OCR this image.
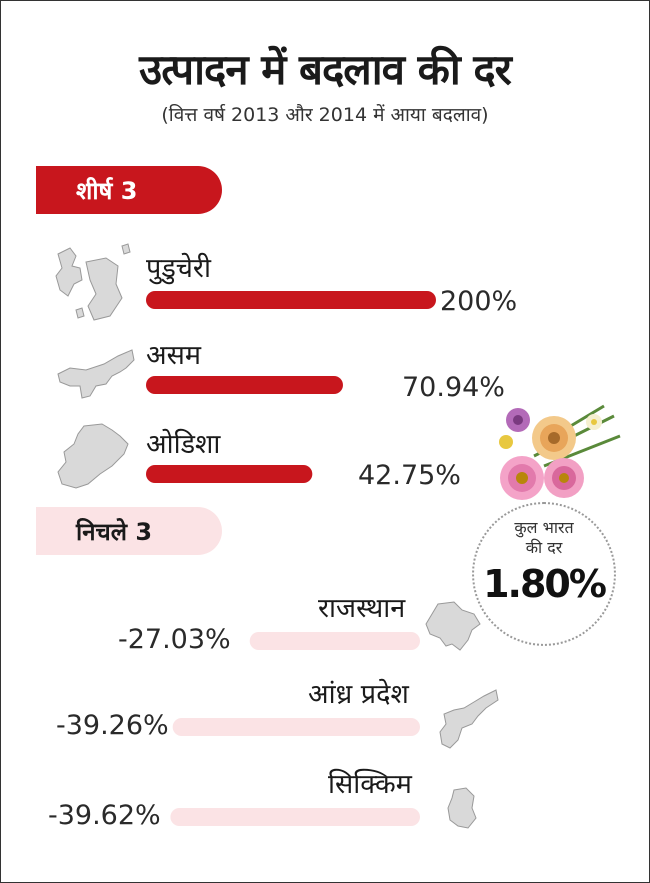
उत्पादन में बदलाव की दर
(वित्त वर्ष 2013 और 2014 में आया बदलाव)
शीर्ष 3
निचले 3
पुडुचेरी
200%
असम
70.94%
ओडिशा
42.75%
राजस्थान
-27.03%
आंध्र प्रदेश
-39.26%
सिक्किम
-39.62%
कुल भारत
की दर
1.80%
